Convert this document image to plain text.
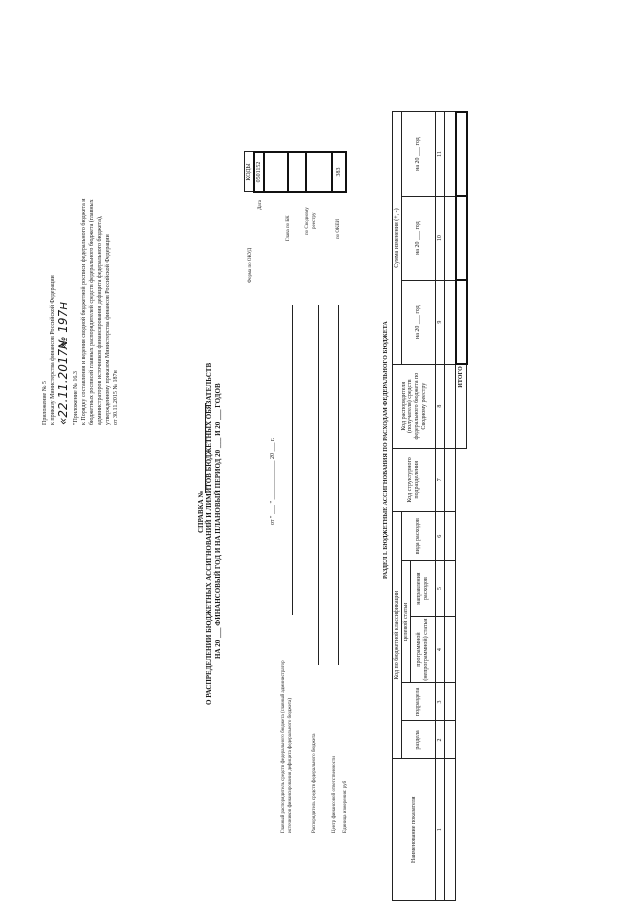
Приложение № 5 к приказу Министерства финансов Российской Федерации «22.11.2017»
№ 197н
"Приложение № 16.3 к Порядку составления и ведения сводной бюджетной росписи федерального бюджета и бюджетных росписей главных распорядителей средств федерального бюджета (главных администраторов источников финансирования дефицита федерального бюджета), утвержденному приказом Министерства финансов Российской Федерации от 30.11.2015 № 187н
СПРАВКА № О РАСПРЕДЕЛЕНИИ БЮДЖЕТНЫХ АССИГНОВАНИЙ И ЛИМИТОВ БЮДЖЕТНЫХ ОБЯЗАТЕЛЬСТВ НА 20 ___ ФИНАНСОВЫЙ ГОД И НА ПЛАНОВЫЙ ПЕРИОД 20 ___ И 20 ___ ГОДОВ	от " ___ " _____________ 20 ___ г.
Главный распорядитель средств федерального бюджета (главный администратор источников финансирования дефицита федерального бюджета)	Распорядитель средств федерального бюджета	Центр финансовой ответственности Единица измерения: руб
Форма по ОКУД
Дата
Глава по БК	по Сводному реестру	по ОКЕИ
КОДЫ
0501152

383
РАЗДЕЛ I. БЮДЖЕТНЫЕ АССИГНОВАНИЯ ПО РАСХОДАМ ФЕДЕРАЛЬНОГО БЮДЖЕТА
Наименование показателя	Код по бюджетной классификации					Код структурного подразделения	Код распорядителя (получателя) средств федерального бюджета по Сводному реестру	Сумма изменения (+, -)		
	раздела	подраздела	целевой статьи		вида расходов			на 20 ___ год	на 20 ___ год	на 20 ___ год
			программной (непрограммной) статьи	направления расходов						
1	2	3	4	5	6	7	8	9	10	11

							ИТОГО			
